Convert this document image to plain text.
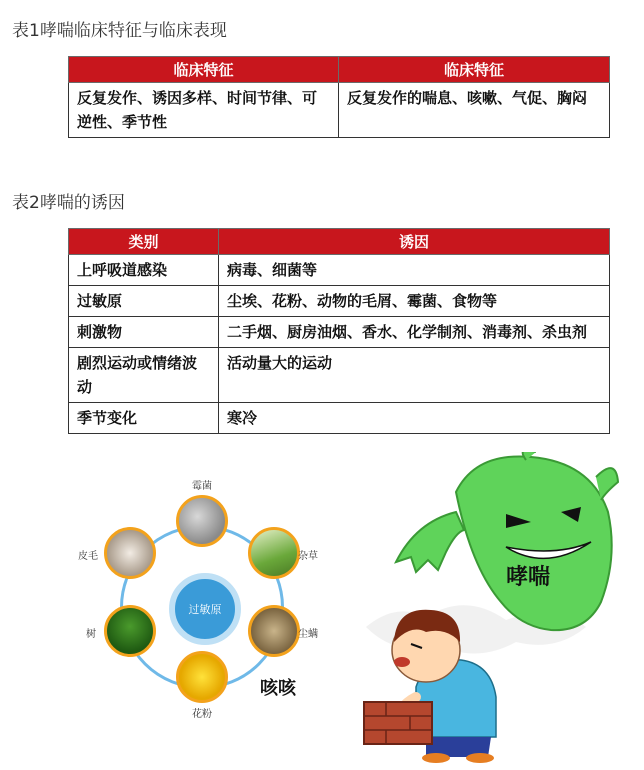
表1哮喘临床特征与临床表现
临床特征	临床特征
反复发作、诱因多样、时间节律、可逆性、季节性	反复发作的喘息、咳嗽、气促、胸闷
表2哮喘的诱因
类别	诱因
上呼吸道感染	病毒、细菌等
过敏原	尘埃、花粉、动物的毛屑、霉菌、食物等
刺激物	二手烟、厨房油烟、香水、化学制剂、消毒剂、杀虫剂
剧烈运动或情绪波动	活动量大的运动
季节变化	寒冷
过敏原
霉菌
杂草
尘螨
花粉
树
皮毛
哮喘
咳咳
